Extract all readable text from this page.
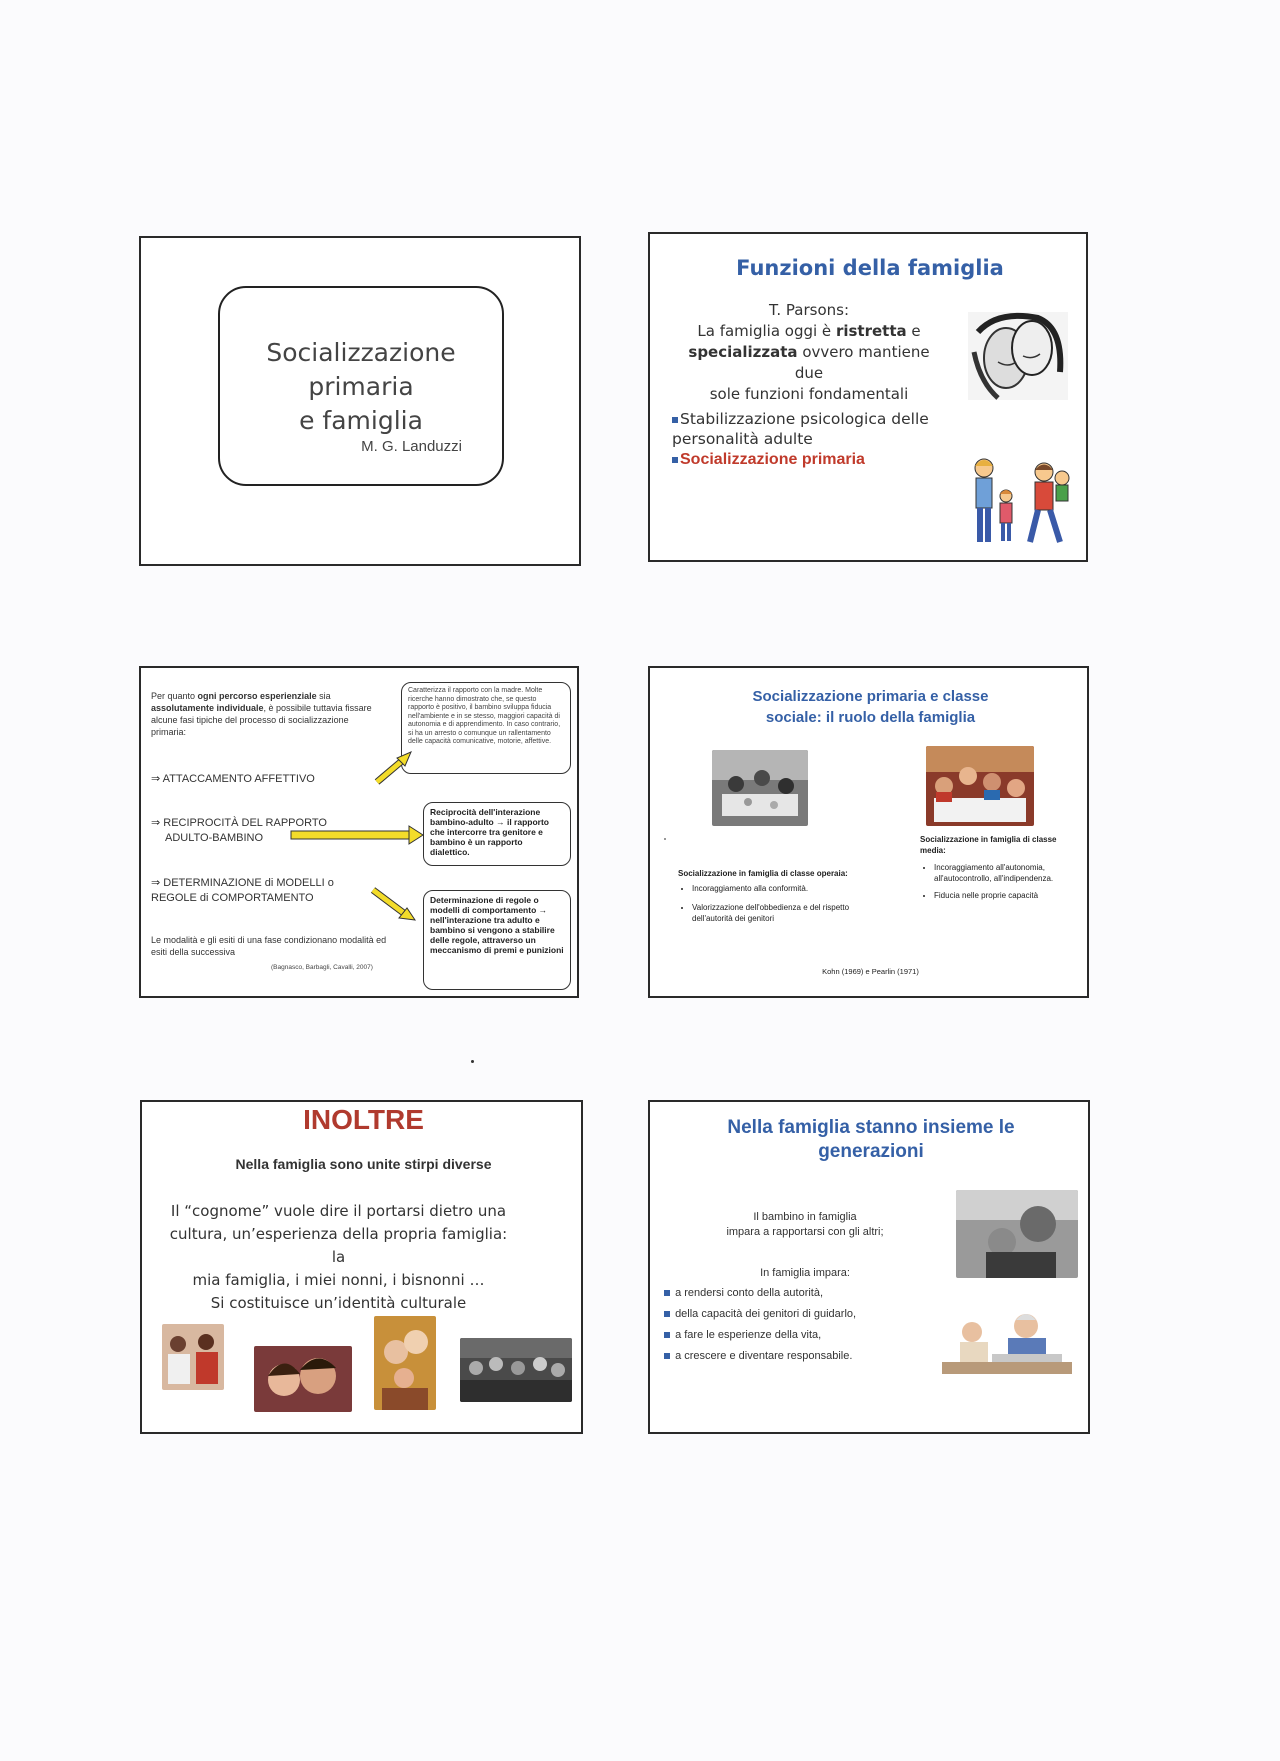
Socializzazione primaria
e famiglia
M. G. Landuzzi
Funzioni della famiglia
T. Parsons:
La famiglia oggi è ristretta e
specializzata ovvero mantiene due
sole funzioni fondamentali
Stabilizzazione psicologica delle personalità adulte
Socializzazione primaria
Per quanto ogni percorso esperienziale sia assolutamente individuale, è possibile tuttavia fissare alcune fasi tipiche del processo di socializzazione primaria:
⇒ ATTACCAMENTO AFFETTIVO
⇒ RECIPROCITÀ DEL RAPPORTO
ADULTO-BAMBINO
⇒ DETERMINAZIONE di MODELLI o
REGOLE di COMPORTAMENTO
Le modalità e gli esiti di una fase condizionano modalità ed esiti della successiva
(Bagnasco, Barbagli, Cavalli, 2007)
Caratterizza il rapporto con la madre. Molte ricerche hanno dimostrato che, se questo rapporto è positivo, il bambino sviluppa fiducia nell'ambiente e in se stesso, maggiori capacità di autonomia e di apprendimento. In caso contrario, si ha un arresto o comunque un rallentamento delle capacità comunicative, motorie, affettive.
Reciprocità dell'interazione bambino-adulto → il rapporto che intercorre tra genitore e bambino è un rapporto dialettico.
Determinazione di regole o modelli di comportamento → nell'interazione tra adulto e bambino si vengono a stabilire delle regole, attraverso un meccanismo di premi e punizioni
Socializzazione primaria e classe
sociale: il ruolo della famiglia
Socializzazione in famiglia di classe operaia:
• Incoraggiamento alla conformità.
• Valorizzazione dell'obbedienza e del rispetto dell'autorità dei genitori
Socializzazione in famiglia di classe media:
• Incoraggiamento all'autonomia, all'autocontrollo, all'indipendenza.
• Fiducia nelle proprie capacità
Kohn (1969) e Pearlin (1971)
INOLTRE
Nella famiglia sono unite stirpi diverse
Il “cognome” vuole dire il portarsi dietro una
cultura, un’esperienza della propria famiglia: la
mia famiglia, i miei nonni, i bisnonni …
Si costituisce un’identità culturale
Nella famiglia stanno insieme le
generazioni
Il bambino in famiglia
impara a rapportarsi con gli altri;
In famiglia impara:
a rendersi conto della autorità,
della capacità dei genitori di guidarlo,
a fare le esperienze della vita,
a crescere e diventare responsabile.
